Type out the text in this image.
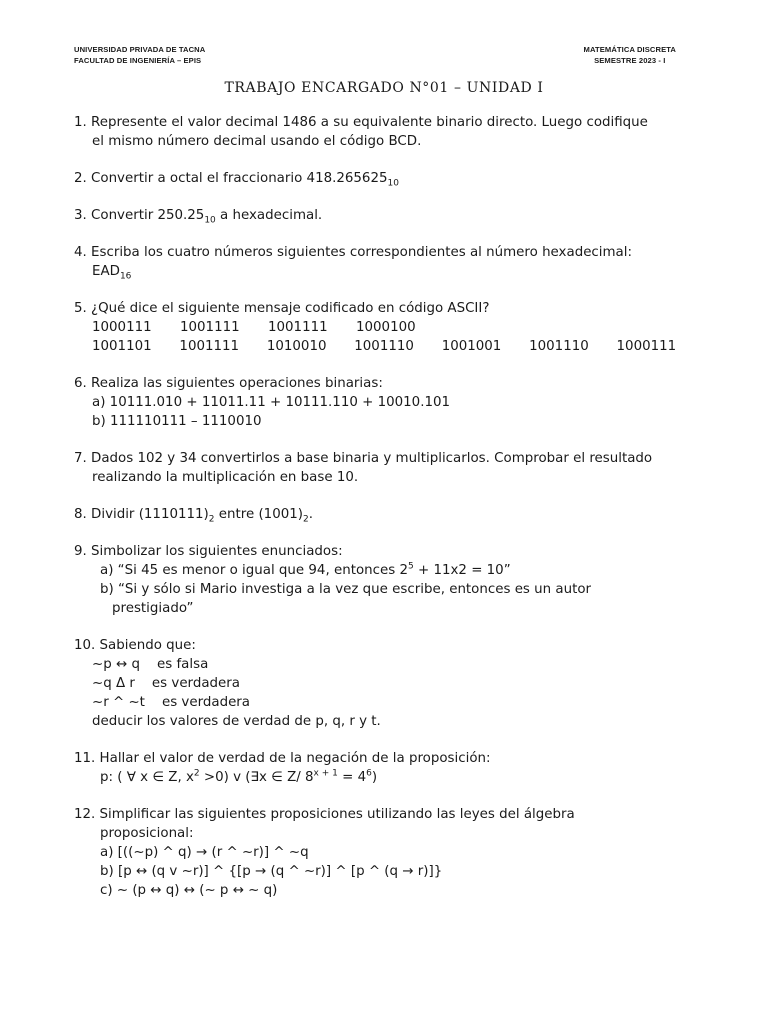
UNIVERSIDAD PRIVADA DE TACNA
FACULTAD DE INGENIERÍA – EPIS
MATEMÁTICA DISCRETA
SEMESTRE 2023 - I
TRABAJO ENCARGADO N°01 – UNIDAD I
1. Represente el valor decimal 1486 a su equivalente binario directo. Luego codifique
el mismo número decimal usando el código BCD.
2. Convertir a octal el fraccionario $418.265625_{10}$
3. Convertir $250.25_{10}$ a hexadecimal.
4. Escriba los cuatro números siguientes correspondientes al número hexadecimal:
$EAD_{16}$
5. ¿Qué dice el siguiente mensaje codificado en código ASCII?
1000111	1001111	1001111	1000100
1001101	1001111	1010010	1001110	1001001	1001110	1000111
6. Realiza las siguientes operaciones binarias:
a) 10111.010 + 11011.11 + 10111.110 + 10010.101
b) 111110111 – 1110010
7. Dados 102 y 34 convertirlos a base binaria y multiplicarlos. Comprobar el resultado
realizando la multiplicación en base 10.
8. Dividir $(1110111)_2$ entre $(1001)_2$.
9. Simbolizar los siguientes enunciados:
a) “Si 45 es menor o igual que 94, entonces $2^5 + 11x2 = 10$”
b) “Si y sólo si Mario investiga a la vez que escribe, entonces es un autor
prestigiado”
10. Sabiendo que:
~p ↔ q    es falsa
~q Δ r    es verdadera
~r ^ ~t    es verdadera
deducir los valores de verdad de p, q, r y t.
11. Hallar el valor de verdad de la negación de la proposición:
p: ( ∀ x ∈ Z, $x^2 >0$) v (∃x ∈ Z/ $8^{x + 1} = 4^6$)
12. Simplificar las siguientes proposiciones utilizando las leyes del álgebra
proposicional:
a) [((~p) ^ q) → (r ^ ~r)] ^ ~q
b) [p ↔ (q v ~r)] ^ {[p → (q ^ ~r)] ^ [p ^ (q → r)]}
c) ~ (p ↔ q) ↔ (~ p ↔ ~ q)
